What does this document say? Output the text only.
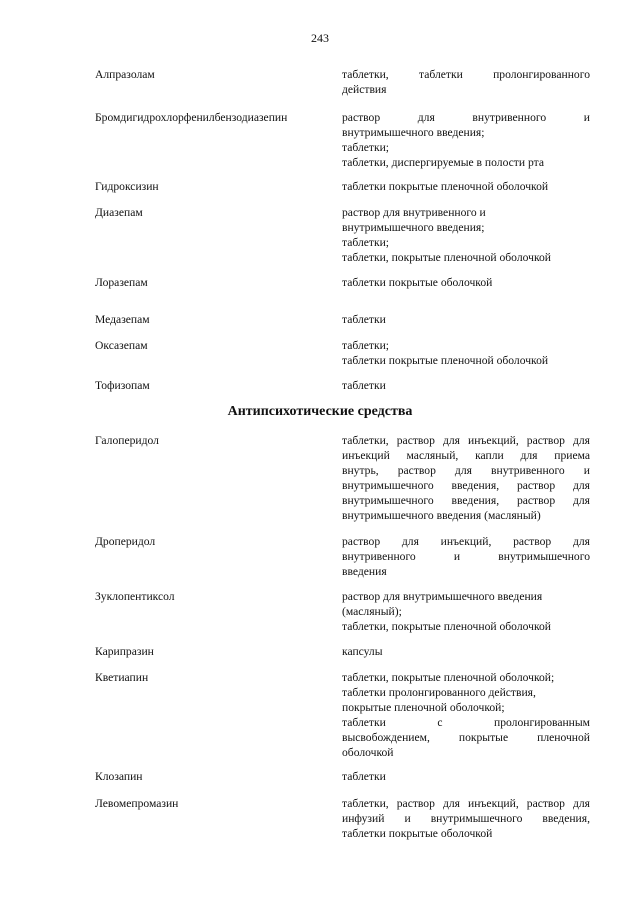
243
Алпразолам	таблетки, таблетки пролонгированного
действия
Бромдигидрохлорфенилбензодиазепин	раствор для внутривенного и
внутримышечного введения;
таблетки;
таблетки, диспергируемые в полости рта
Гидроксизин	таблетки покрытые пленочной оболочкой
Диазепам	раствор для внутривенного и
внутримышечного введения;
таблетки;
таблетки, покрытые пленочной оболочкой
Лоразепам	таблетки покрытые оболочкой
Медазепам	таблетки
Оксазепам	таблетки;
таблетки покрытые пленочной оболочкой
Тофизопам	таблетки
Антипсихотические средства
Галоперидол	таблетки, раствор для инъекций, раствор для
инъекций масляный, капли для приема
внутрь, раствор для внутривенного и
внутримышечного введения, раствор для
внутримышечного введения, раствор для
внутримышечного введения (масляный)
Дроперидол	раствор для инъекций, раствор для
внутривенного и внутримышечного
введения
Зуклопентиксол	раствор для внутримышечного введения
(масляный);
таблетки, покрытые пленочной оболочкой
Карипразин	капсулы
Кветиапин	таблетки, покрытые пленочной оболочкой;
таблетки пролонгированного действия,
покрытые пленочной оболочкой;
таблетки с пролонгированным
высвобождением, покрытые пленочной
оболочкой
Клозапин	таблетки
Левомепромазин	таблетки, раствор для инъекций, раствор для
инфузий и внутримышечного введения,
таблетки покрытые оболочкой
